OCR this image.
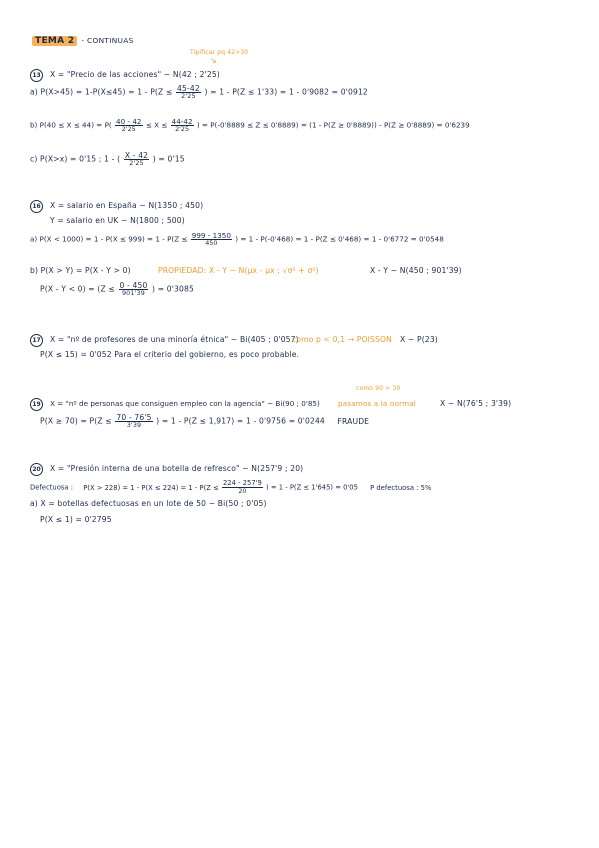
TEMA 2 - CONTINUAS
Tipificar pq 42>30
↘
13	X = "Precio de las acciones" ~ N(42 ; 2'25)
a) $P(X>45) = 1-P(X\le 45) = 1 - P(Z \le \frac{45-42}{2'25}$ ) = 1 - P(Z ≤ 1'33) = 1 - 0'9082 = 0'0912
b) $P(40 \le X \le 44) = P( \frac{40 - 42}{2'25} \le X \le \frac{44-42}{2'25}$ ) = P(-0'8889 ≤ Z ≤ 0'8889) = (1 - P(Z ≥ 0'8889)) - P(Z ≥ 0'8889) = 0'6239
c) P(X>x) = 0'15 ; 1 - ( $\frac{X - 42}{2'25}$ ) = 0'15
16	X = salario en España ~ N(1350 ; 450)
Y = salario en UK ~ N(1800 ; 500)
a) $P(X < 1000) = 1 - P(X \le 999) = 1 - P(Z \le \frac{999 - 1350}{450}$ ) = 1 - P(-0'468) = 1 - P(Z ≤ 0'468) = 1 - 0'6772 = 0'0548
b) P(X > Y) = P(X - Y > 0)	PROPIEDAD: X - Y ~ N(μx - μx ; √σ² + σ²)	X - Y ~ N(450 ; 901'39)
$P(X - Y < 0) = (Z \le \frac{0 - 450}{901'39}$ ) = 0'3085
17	X = "nº de profesores de una minoría étnica" ~ Bi(405 ; 0'057)
como p < 0,1 → POISSON X ~ P(23)
P(X ≤ 15) = 0'052 Para el criterio del gobierno, es poco probable.
como 90 > 30
19	X = "nº de personas que consiguen empleo con la agencia" ~ Bi(90 ; 0'85)	pasamos a la normal	X ~ N(76'5 ; 3'39)
$P(X \ge 70) = P(Z \le \frac{70 - 76'5}{3'39}$ ) = 1 - P(Z ≤ 1,917) = 1 - 0'9756 = 0'0244 FRAUDE
20	X = "Presión interna de una botella de refresco" ~ N(257'9 ; 20)
Defectuosa : $P(X > 228) = 1 - P(X \le 224) = 1 - P(Z \le \frac{224 - 257'9}{20}$ ) = 1 - P(Z ≤ 1'645) = 0'05 P defectuosa : 5%
a) X = botellas defectuosas en un lote de 50 ~ Bi(50 ; 0'05)
P(X ≤ 1) = 0'2795
